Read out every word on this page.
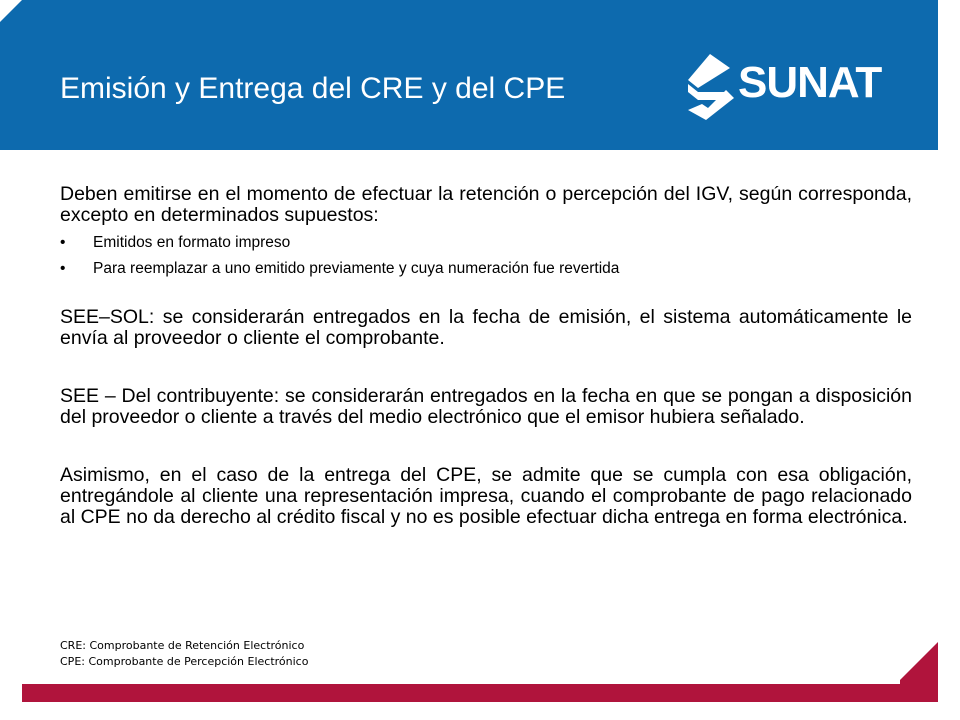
Emisión y Entrega del CRE y del CPE	SUNAT

Deben emitirse en el momento de efectuar la retención o percepción del IGV, según corresponda, excepto en determinados supuestos:

• Emitidos en formato impreso
• Para reemplazar a uno emitido previamente y cuya numeración fue revertida

SEE–SOL: se considerarán entregados en la fecha de emisión, el sistema automáticamente le envía al proveedor o cliente el comprobante.

SEE – Del contribuyente: se considerarán entregados en la fecha en que se pongan a disposición del proveedor o cliente a través del medio electrónico que el emisor hubiera señalado.

Asimismo, en el caso de la entrega del CPE, se admite que se cumpla con esa obligación, entregándole al cliente una representación impresa, cuando el comprobante de pago relacionado al CPE no da derecho al crédito fiscal y no es posible efectuar dicha entrega en forma electrónica.

CRE: Comprobante de Retención Electrónico
CPE: Comprobante de Percepción Electrónico
